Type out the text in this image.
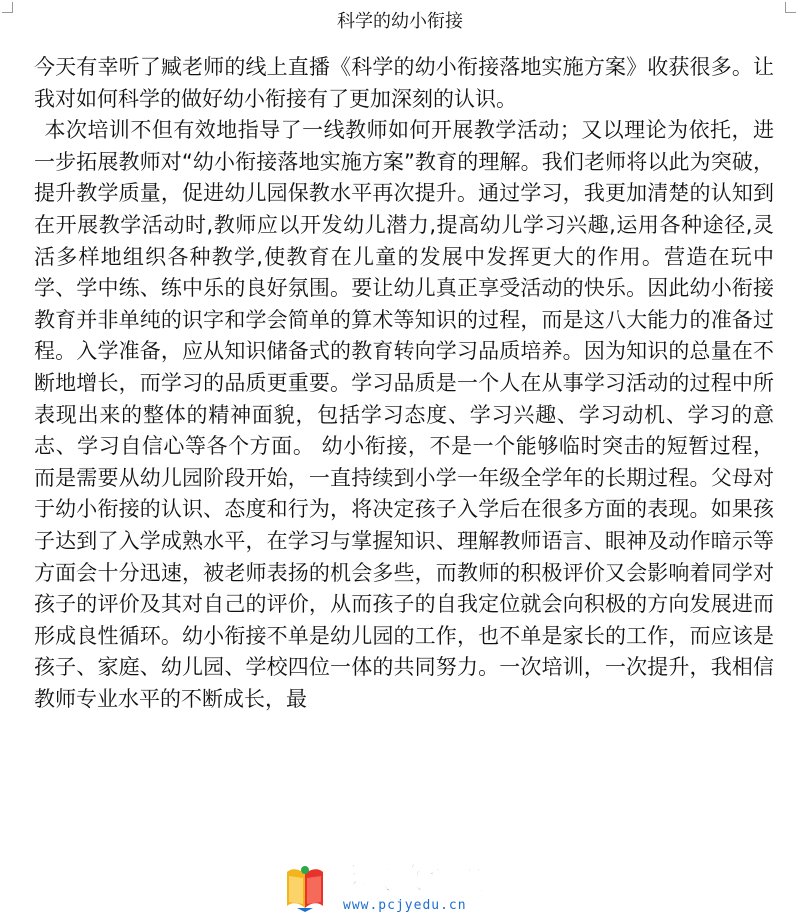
科学的幼小衔接

今天有幸听了臧老师的线上直播《科学的幼小衔接落地实施方案》收获很多。让我对如何科学的做好幼小衔接有了更加深刻的认识。

本次培训不但有效地指导了一线教师如何开展教学活动；又以理论为依托，进一步拓展教师对“幼小衔接落地实施方案”教育的理解。我们老师将以此为突破，提升教学质量，促进幼儿园保教水平再次提升。通过学习，我更加清楚的认知到在开展教学活动时,教师应以开发幼儿潜力,提高幼儿学习兴趣,运用各种途径,灵活多样地组织各种教学,使教育在儿童的发展中发挥更大的作用。营造在玩中学、学中练、练中乐的良好氛围。要让幼儿真正享受活动的快乐。因此幼小衔接教育并非单纯的识字和学会简单的算术等知识的过程，而是这八大能力的准备过程。入学准备，应从知识储备式的教育转向学习品质培养。因为知识的总量在不断地增长，而学习的品质更重要。学习品质是一个人在从事学习活动的过程中所表现出来的整体的精神面貌，包括学习态度、学习兴趣、学习动机、学习的意志、学习自信心等各个方面。 幼小衔接，不是一个能够临时突击的短暂过程，而是需要从幼儿园阶段开始，一直持续到小学一年级全学年的长期过程。父母对于幼小衔接的认识、态度和行为，将决定孩子入学后在很多方面的表现。如果孩子达到了入学成熟水平，在学习与掌握知识、理解教师语言、眼神及动作暗示等方面会十分迅速，被老师表扬的机会多些，而教师的积极评价又会影响着同学对孩子的评价及其对自己的评价，从而孩子的自我定位就会向积极的方向发展进而形成良性循环。幼小衔接不单是幼儿园的工作，也不单是家长的工作，而应该是孩子、家庭、幼儿园、学校四位一体的共同努力。一次培训，一次提升，我相信教师专业水平的不断成长，最

彭城教育网
www.pcjyedu.cn
